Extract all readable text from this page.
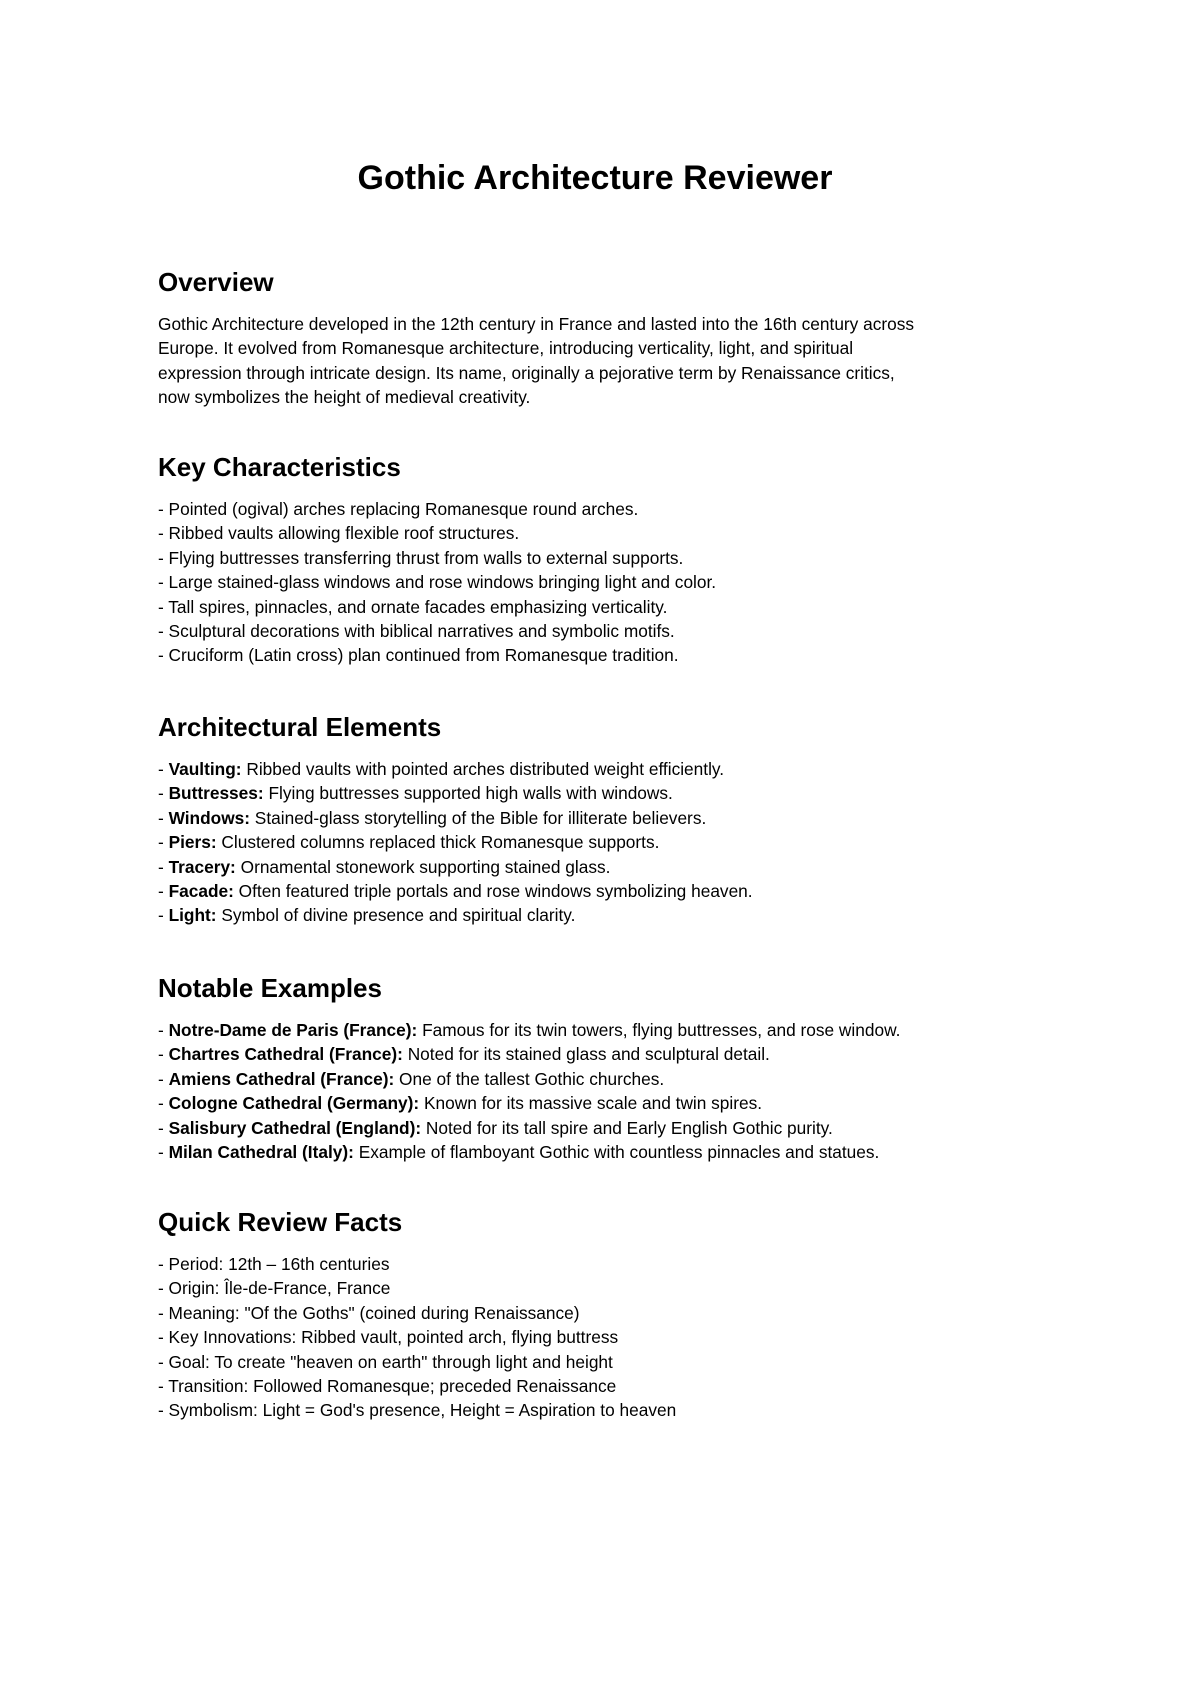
Gothic Architecture Reviewer
Overview
Gothic Architecture developed in the 12th century in France and lasted into the 16th century across
Europe. It evolved from Romanesque architecture, introducing verticality, light, and spiritual
expression through intricate design. Its name, originally a pejorative term by Renaissance critics,
now symbolizes the height of medieval creativity.
Key Characteristics
- Pointed (ogival) arches replacing Romanesque round arches.
- Ribbed vaults allowing flexible roof structures.
- Flying buttresses transferring thrust from walls to external supports.
- Large stained-glass windows and rose windows bringing light and color.
- Tall spires, pinnacles, and ornate facades emphasizing verticality.
- Sculptural decorations with biblical narratives and symbolic motifs.
- Cruciform (Latin cross) plan continued from Romanesque tradition.
Architectural Elements
- Vaulting: Ribbed vaults with pointed arches distributed weight efficiently.
- Buttresses: Flying buttresses supported high walls with windows.
- Windows: Stained-glass storytelling of the Bible for illiterate believers.
- Piers: Clustered columns replaced thick Romanesque supports.
- Tracery: Ornamental stonework supporting stained glass.
- Facade: Often featured triple portals and rose windows symbolizing heaven.
- Light: Symbol of divine presence and spiritual clarity.
Notable Examples
- Notre-Dame de Paris (France): Famous for its twin towers, flying buttresses, and rose window.
- Chartres Cathedral (France): Noted for its stained glass and sculptural detail.
- Amiens Cathedral (France): One of the tallest Gothic churches.
- Cologne Cathedral (Germany): Known for its massive scale and twin spires.
- Salisbury Cathedral (England): Noted for its tall spire and Early English Gothic purity.
- Milan Cathedral (Italy): Example of flamboyant Gothic with countless pinnacles and statues.
Quick Review Facts
- Period: 12th – 16th centuries
- Origin: Île-de-France, France
- Meaning: "Of the Goths" (coined during Renaissance)
- Key Innovations: Ribbed vault, pointed arch, flying buttress
- Goal: To create "heaven on earth" through light and height
- Transition: Followed Romanesque; preceded Renaissance
- Symbolism: Light = God's presence, Height = Aspiration to heaven
